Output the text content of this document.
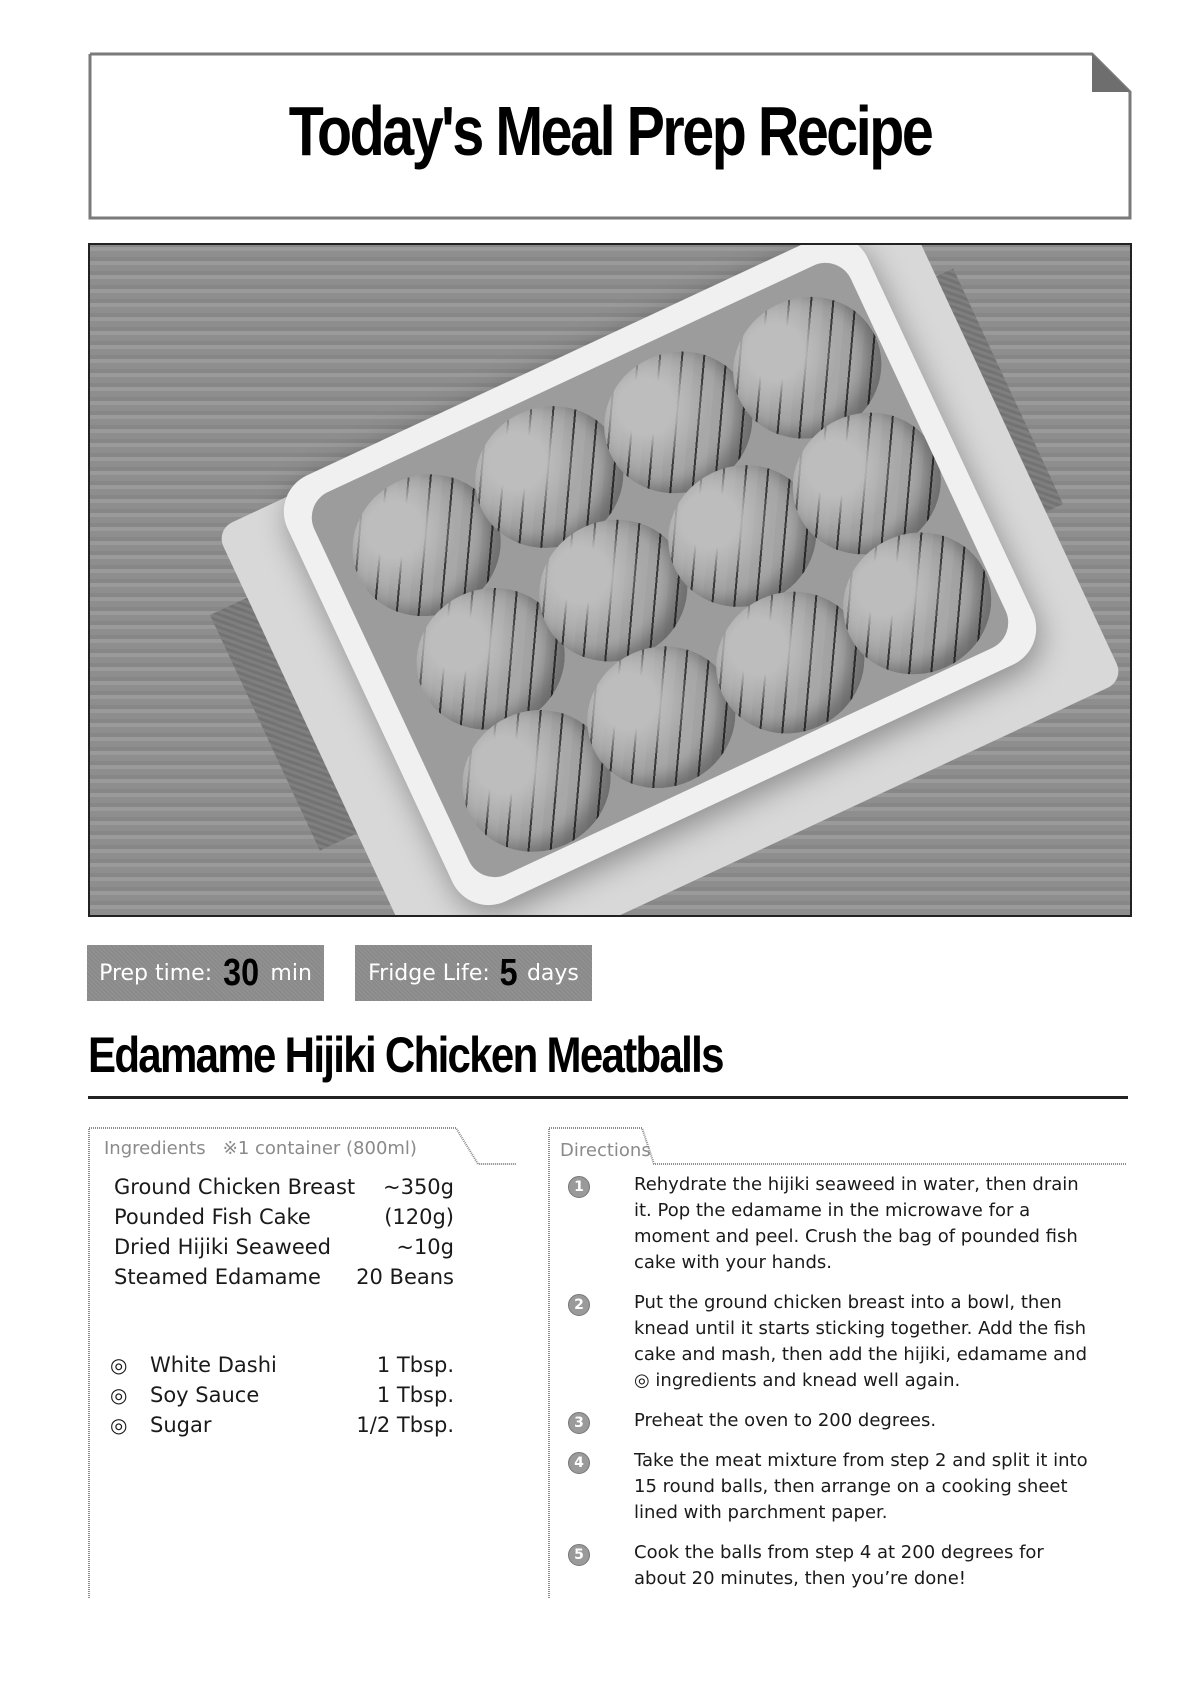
Today's Meal Prep Recipe
Prep time: 30 min	Fridge Life: 5 days
Edamame Hijiki Chicken Meatballs
Ingredients ※1 container (800ml)
Ground Chicken Breast ~350g
Pounded Fish Cake	(120g)
Dried Hijiki Seaweed	~10g
Steamed Edamame 20 Beans
◎	White Dashi	1 Tbsp.
◎	Soy Sauce	1 Tbsp.
◎	Sugar	1/2 Tbsp.
Directions
1	Rehydrate the hijiki seaweed in water, then drain it. Pop the edamame in the microwave for a moment and peel. Crush the bag of pounded fish cake with your hands.
2	Put the ground chicken breast into a bowl, then knead until it starts sticking together. Add the fish cake and mash, then add the hijiki, edamame and ◎ ingredients and knead well again.
3	Preheat the oven to 200 degrees.
4	Take the meat mixture from step 2 and split it into 15 round balls, then arrange on a cooking sheet lined with parchment paper.
5	Cook the balls from step 4 at 200 degrees for about 20 minutes, then you’re done!
